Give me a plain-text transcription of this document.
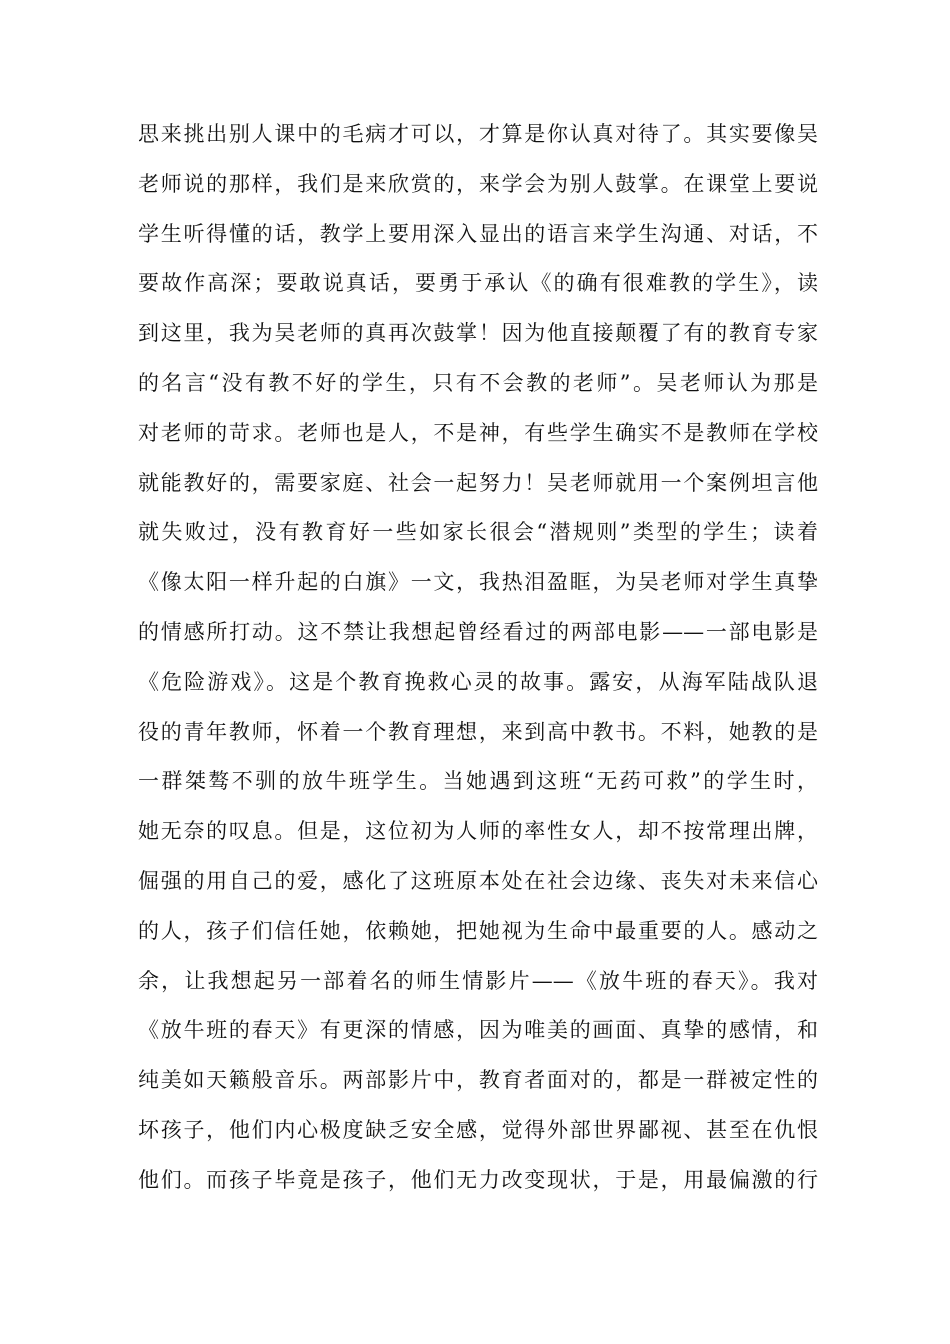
思来挑出别人课中的毛病才可以，才算是你认真对待了。其实要像吴
老师说的那样，我们是来欣赏的，来学会为别人鼓掌。在课堂上要说
学生听得懂的话，教学上要用深入显出的语言来学生沟通、对话，不
要故作高深；要敢说真话，要勇于承认《的确有很难教的学生》，读
到这里，我为吴老师的真再次鼓掌！因为他直接颠覆了有的教育专家
的名言“没有教不好的学生，只有不会教的老师”。吴老师认为那是
对老师的苛求。老师也是人，不是神，有些学生确实不是教师在学校
就能教好的，需要家庭、社会一起努力！吴老师就用一个案例坦言他
就失败过，没有教育好一些如家长很会“潜规则”类型的学生；读着
《像太阳一样升起的白旗》一文，我热泪盈眶，为吴老师对学生真挚
的情感所打动。这不禁让我想起曾经看过的两部电影——一部电影是
《危险游戏》。这是个教育挽救心灵的故事。露安，从海军陆战队退
役的青年教师，怀着一个教育理想，来到高中教书。不料，她教的是
一群桀骜不驯的放牛班学生。当她遇到这班“无药可救”的学生时，
她无奈的叹息。但是，这位初为人师的率性女人，却不按常理出牌，
倔强的用自己的爱，感化了这班原本处在社会边缘、丧失对未来信心
的人，孩子们信任她，依赖她，把她视为生命中最重要的人。感动之
余，让我想起另一部着名的师生情影片——《放牛班的春天》。我对
《放牛班的春天》有更深的情感，因为唯美的画面、真挚的感情，和
纯美如天籁般音乐。两部影片中，教育者面对的，都是一群被定性的
坏孩子，他们内心极度缺乏安全感，觉得外部世界鄙视、甚至在仇恨
他们。而孩子毕竟是孩子，他们无力改变现状，于是，用最偏激的行
